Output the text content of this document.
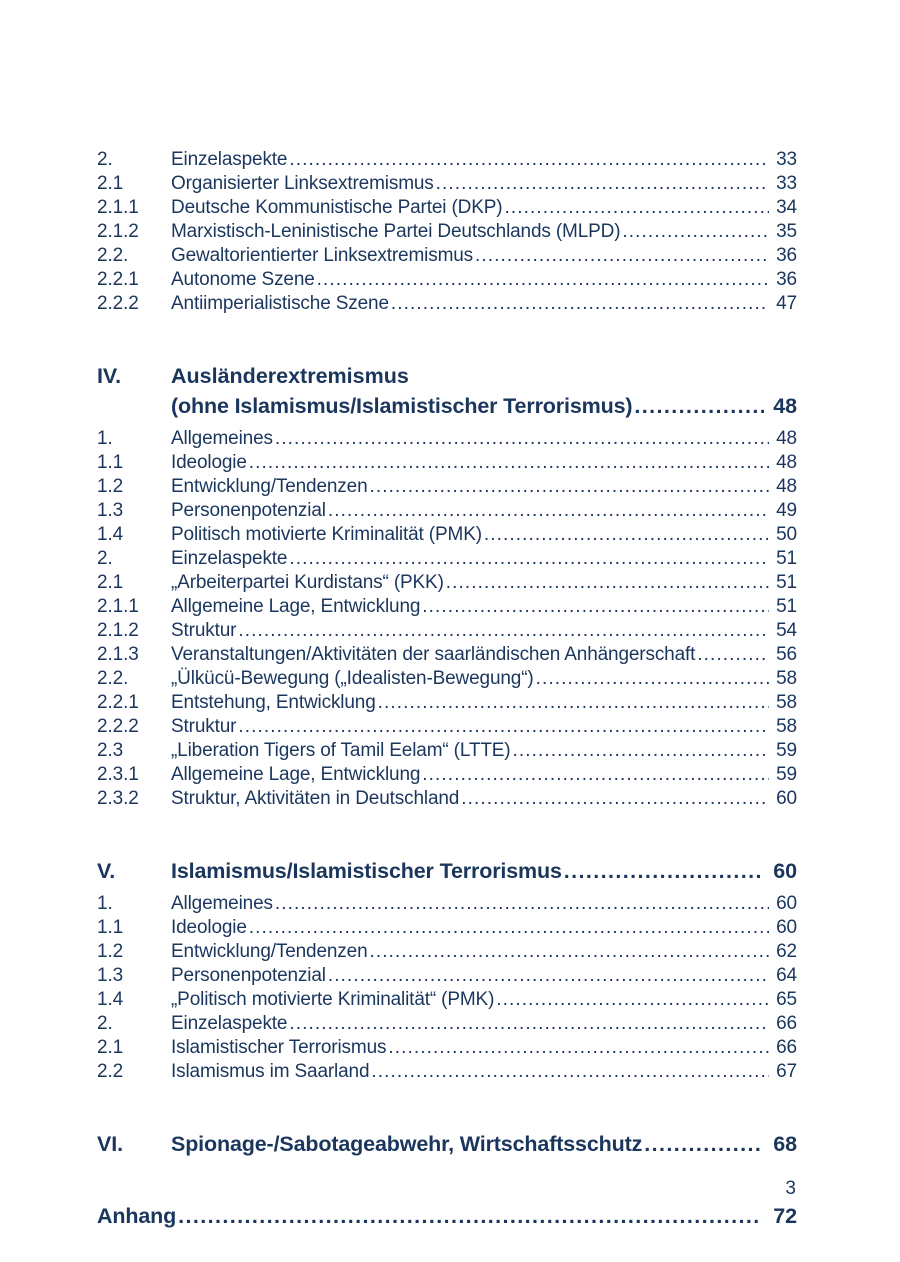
2.	Einzelaspekte .....	33
2.1	Organisierter Linksextremismus .....	33
2.1.1	Deutsche Kommunistische Partei (DKP) .....	34
2.1.2	Marxistisch-Leninistische Partei Deutschlands (MLPD) .....	35
2.2.	Gewaltorientierter Linksextremismus .....	36
2.2.1	Autonome Szene .....	36
2.2.2	Antiimperialistische Szene .....	47
IV.	Ausländerextremismus
(ohne Islamismus/Islamistischer Terrorismus) .....	48
1.	Allgemeines .....	48
1.1	Ideologie .....	48
1.2	Entwicklung/Tendenzen .....	48
1.3	Personenpotenzial .....	49
1.4	Politisch motivierte Kriminalität (PMK) .....	50
2.	Einzelaspekte .....	51
2.1	„Arbeiterpartei Kurdistans“ (PKK) .....	51
2.1.1	Allgemeine Lage, Entwicklung .....	51
2.1.2	Struktur .....	54
2.1.3	Veranstaltungen/Aktivitäten der saarländischen Anhängerschaft .....	56
2.2.	„Ülkücü-Bewegung („Idealisten-Bewegung“) .....	58
2.2.1	Entstehung, Entwicklung .....	58
2.2.2	Struktur .....	58
2.3	„Liberation Tigers of Tamil Eelam“ (LTTE) .....	59
2.3.1	Allgemeine Lage, Entwicklung .....	59
2.3.2	Struktur, Aktivitäten in Deutschland .....	60
V.	Islamismus/Islamistischer Terrorismus .....	60
1.	Allgemeines .....	60
1.1	Ideologie .....	60
1.2	Entwicklung/Tendenzen .....	62
1.3	Personenpotenzial .....	64
1.4	„Politisch motivierte Kriminalität“ (PMK) .....	65
2.	Einzelaspekte .....	66
2.1	Islamistischer Terrorismus .....	66
2.2	Islamismus im Saarland .....	67
VI.	Spionage-/Sabotageabwehr, Wirtschaftsschutz .....	68
Anhang .....	72
3
